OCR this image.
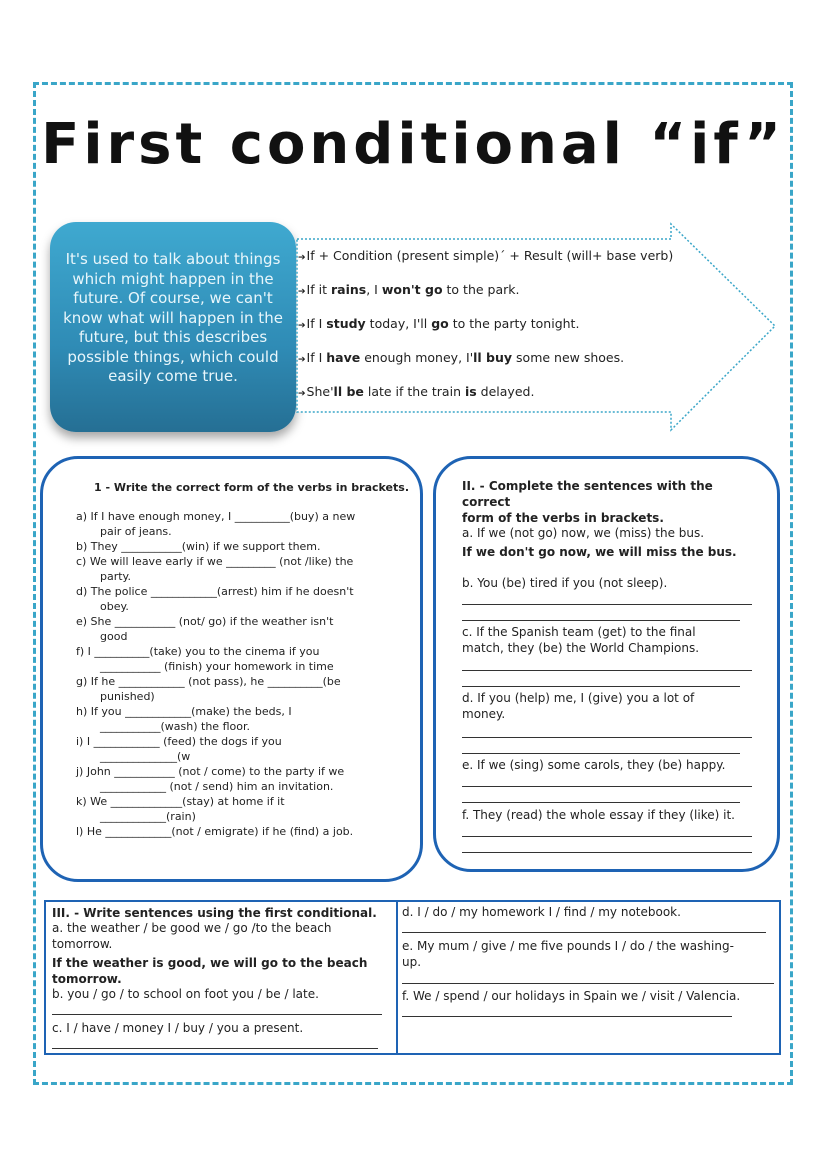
First conditional “if”
It's used to talk about things which might happen in the future. Of course, we can't know what will happen in the future, but this describes possible things, which could easily come true.
➔If + Condition (present simple)´ + Result (will+ base verb)
➔If it rains, I won't go to the park.
➔If I study today, I'll go to the party tonight.
➔If I have enough money, I'll buy some new shoes.
➔She'll be late if the train is delayed.
1 - Write the correct form of the verbs in brackets.
a) If I have enough money, I __________(buy) a new
pair of jeans.
b) They ___________(win) if we support them.
c) We will leave early if we _________ (not /like) the
party.
d) The police ____________(arrest) him if he doesn't
obey.
e) She ___________ (not/ go) if the weather isn't
good
f) I __________(take) you to the cinema if you
___________ (finish) your homework in time
g) If he ____________ (not pass), he __________(be
punished)
h) If you ____________(make) the beds, I
___________(wash) the floor.
i) I ____________ (feed) the dogs if you
______________(w
j) John ___________ (not / come) to the party if we
____________ (not / send) him an invitation.
k) We _____________(stay) at home if it
____________(rain)
l) He ____________(not / emigrate) if he (find) a job.
II. - Complete the sentences with the correct
form of the verbs in brackets.
a. If we (not go) now, we (miss) the bus.
If we don't go now, we will miss the bus.
b. You (be) tired if you (not sleep).
c. If the Spanish team (get) to the final
match, they (be) the World Champions.
d. If you (help) me, I (give) you a lot of
money.
e. If we (sing) some carols, they (be) happy.
f. They (read) the whole essay if they (like) it.
III. - Write sentences using the first conditional.
a. the weather / be good we / go /to the beach
tomorrow.
If the weather is good, we will go to the beach
tomorrow.
b. you / go / to school on foot you / be / late.
c. I / have / money I / buy / you a present.
d. I / do / my homework I / find / my notebook.
e. My mum / give / me five pounds I / do / the washing-
up.
f. We / spend / our holidays in Spain we / visit / Valencia.
